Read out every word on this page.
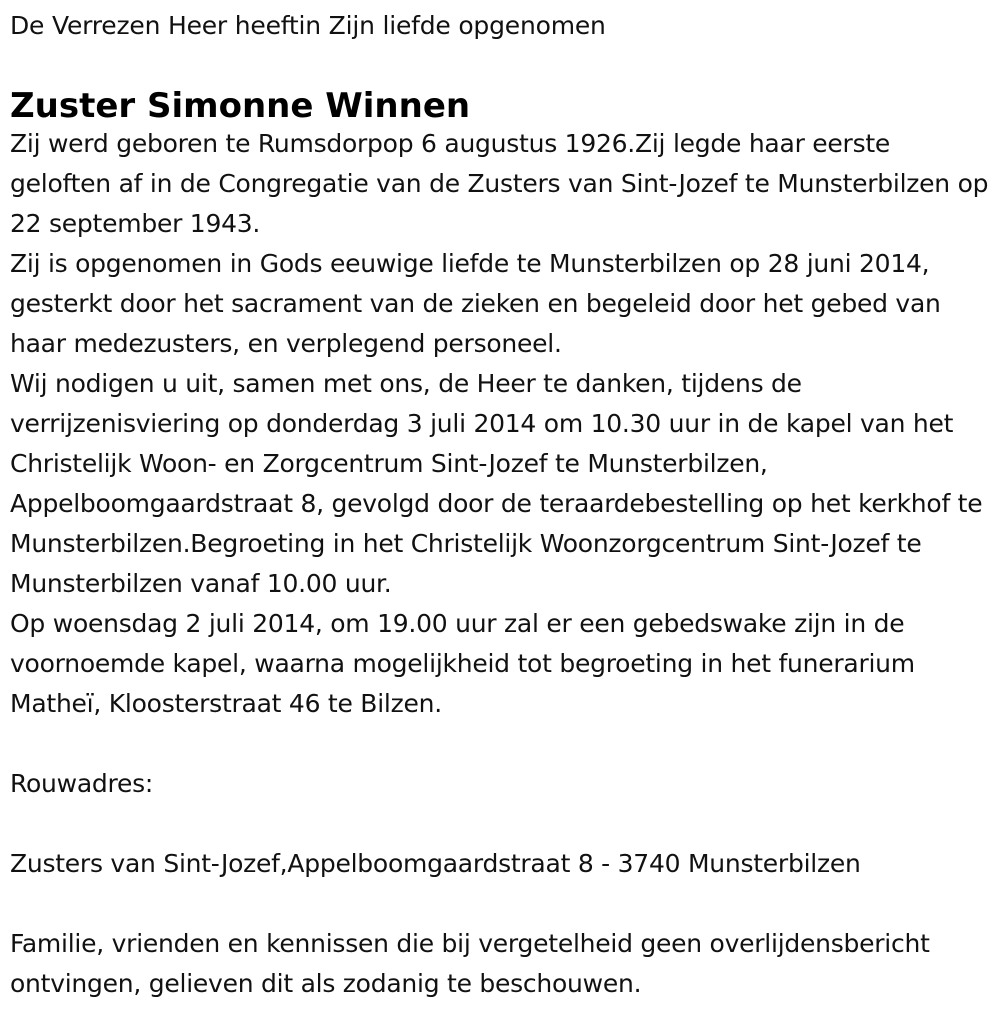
De Verrezen Heer heeftin Zijn liefde opgenomen

Zuster Simonne Winnen

Zij werd geboren te Rumsdorpop 6 augustus 1926.Zij legde haar eerste geloften af in de Congregatie van de Zusters van Sint-Jozef te Munsterbilzen op 22 september 1943.

Zij is opgenomen in Gods eeuwige liefde te Munsterbilzen op 28 juni 2014, gesterkt door het sacrament van de zieken en begeleid door het gebed van haar medezusters, en verplegend personeel.

Wij nodigen u uit, samen met ons, de Heer te danken, tijdens de verrijzenisviering op donderdag 3 juli 2014 om 10.30 uur in de kapel van het Christelijk Woon- en Zorgcentrum Sint-Jozef te Munsterbilzen, Appelboomgaardstraat 8, gevolgd door de teraardebestelling op het kerkhof te Munsterbilzen.Begroeting in het Christelijk Woonzorgcentrum Sint-Jozef te Munsterbilzen vanaf 10.00 uur.

Op woensdag 2 juli 2014, om 19.00 uur zal er een gebedswake zijn in de voornoemde kapel, waarna mogelijkheid tot begroeting in het funerarium Matheï, Kloosterstraat 46 te Bilzen.

Rouwadres:

Zusters van Sint-Jozef,Appelboomgaardstraat 8 - 3740 Munsterbilzen

Familie, vrienden en kennissen die bij vergetelheid geen overlijdensbericht ontvingen, gelieven dit als zodanig te beschouwen.
